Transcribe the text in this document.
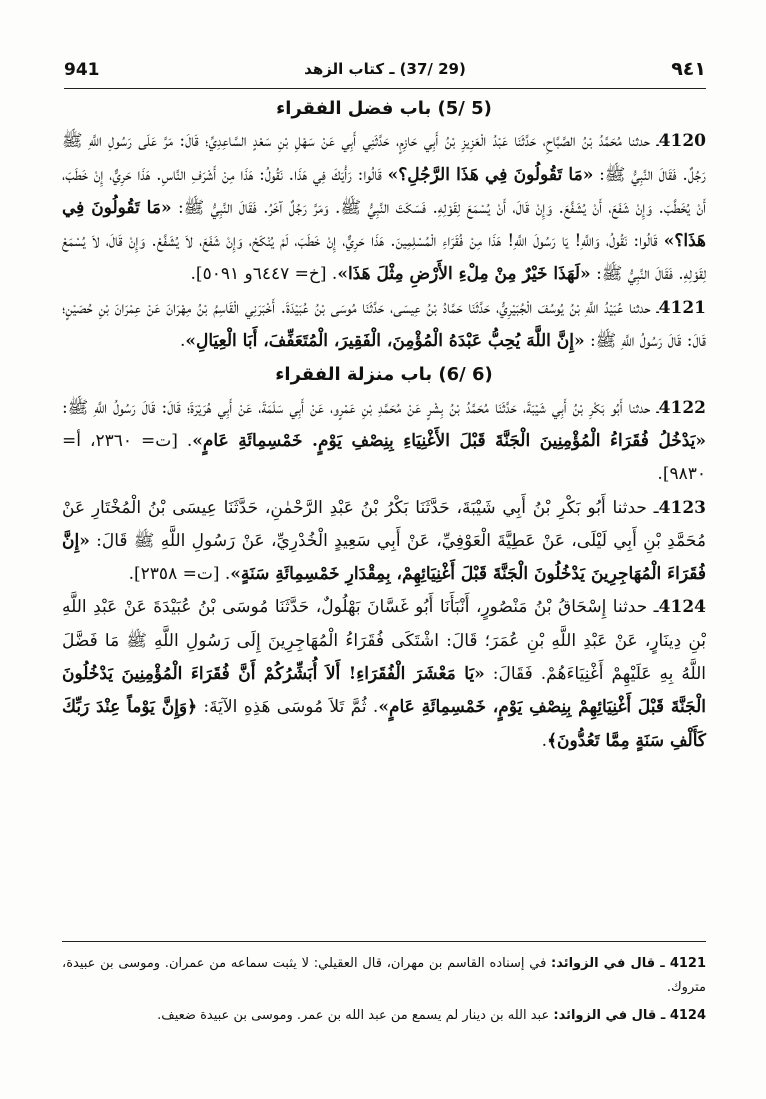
941	(29 /37) ـ كتاب الزهد	٩٤١
(5 /5) باب فضل الفقراء

4120ـ حدثنا مُحَمَّدُ بْنُ الصَّبَّاحِ، حَدَّثَنَا عَبْدُ الْعَزِيزِ بْنُ أَبِي حَازِمٍ، حَدَّثَنِي أَبِي عَنْ سَهْلِ بْنِ سَعْدٍ السَّاعِدِيِّ؛ قَالَ: مَرَّ عَلَى رَسُولِ اللَّهِ ﷺ رَجُلٌ. فَقَالَ النَّبِيُّ ﷺ: «مَا تَقُولُونَ فِي هَذَا الرَّجُلِ؟» قَالُوا: رَأْيَكَ فِي هَذَا. نَقُولُ: هَذَا مِنْ أَشْرَفِ النَّاسِ. هَذَا حَرِيٌّ، إِنْ خَطَبَ، أَنْ يُخَطَّبَ. وَإِنْ شَفَعَ، أَنْ يُشَفَّعَ. وَإِنْ قَالَ، أَنْ يُسْمَعَ لِقَوْلِهِ. فَسَكَتَ النَّبِيُّ ﷺ. وَمَرَّ رَجُلٌ آخَرُ. فَقَالَ النَّبِيُّ ﷺ: «مَا تَقُولُونَ فِي هَذَا؟» قَالُوا: نَقُولُ، وَاللَّهِ! يَا رَسُولَ اللَّهِ! هَذَا مِنْ فُقَرَاءِ الْمُسْلِمِينَ. هَذَا حَرِيٌّ، إِنْ خَطَبَ، لَمْ يُنْكَحْ، وَإِنْ شَفَعَ، لاَ يُشَفَّعْ. وَإِنْ قَالَ، لاَ يُسْمَعْ لِقَوْلِهِ. فَقَالَ النَّبِيُّ ﷺ: «لَهَذَا خَيْرٌ مِنْ مِلْءِ الأَرْضِ مِثْلَ هَذَا». [خ= ٦٤٤٧و ٥٠٩١].

4121ـ حدثنا عُبَيْدُ اللَّهِ بْنُ يُوسُفَ الْجُبَيْرِيُّ، حَدَّثَنَا حَمَّادُ بْنُ عِيسَى، حَدَّثَنَا مُوسَى بْنُ عُبَيْدَةَ. أَخْبَرَنِي الْقَاسِمُ بْنُ مِهْرَانَ عَنْ عِمْرَانَ بْنِ حُصَيْنٍ؛ قَالَ: قَالَ رَسُولُ اللَّهِ ﷺ: «إِنَّ اللَّهَ يُحِبُّ عَبْدَهُ الْمُؤْمِنَ، الْفَقِيرَ، الْمُتَعَفِّفَ، أَبَا الْعِيَالِ».

(6 /6) باب منزلة الفقراء

4122ـ حدثنا أَبُو بَكْرِ بْنُ أَبِي شَيْبَةَ، حَدَّثَنَا مُحَمَّدُ بْنُ بِشْرٍ عَنْ مُحَمَّدِ بْنِ عَمْرٍو، عَنْ أَبِي سَلَمَةَ، عَنْ أَبِي هُرَيْرَةَ؛ قَالَ: قَالَ رَسُولُ اللَّهِ ﷺ: «يَدْخُلُ فُقَرَاءُ الْمُؤْمِنِينَ الْجَنَّةَ قَبْلَ الأَغْنِيَاءِ بِنِصْفِ يَوْمٍ. خَمْسِمِائَةِ عَامٍ». [ت= ٢٣٦٠، أ= ٩٨٣٠].

4123ـ حدثنا أَبُو بَكْرِ بْنُ أَبِي شَيْبَةَ، حَدَّثَنَا بَكْرُ بْنُ عَبْدِ الرَّحْمٰنِ، حَدَّثَنَا عِيسَى بْنُ الْمُخْتَارِ عَنْ مُحَمَّدِ بْنِ أَبِي لَيْلَى، عَنْ عَطِيَّةَ الْعَوْفِيِّ، عَنْ أَبِي سَعِيدٍ الْخُدْرِيِّ، عَنْ رَسُولِ اللَّهِ ﷺ قَالَ: «إِنَّ فُقَرَاءَ الْمُهَاجِرِينَ يَدْخُلُونَ الْجَنَّةَ قَبْلَ أَغْنِيَائِهِمْ، بِمِقْدَارِ خَمْسِمِائَةِ سَنَةٍ». [ت= ٢٣٥٨].

4124ـ حدثنا إِسْحَاقُ بْنُ مَنْصُورٍ، أَنْبَأَنَا أَبُو غَسَّانَ بَهْلُولٌ، حَدَّثَنَا مُوسَى بْنُ عُبَيْدَةَ عَنْ عَبْدِ اللَّهِ بْنِ دِينَارٍ، عَنْ عَبْدِ اللَّهِ بْنِ عُمَرَ؛ قَالَ: اشْتَكَى فُقَرَاءُ الْمُهَاجِرِينَ إِلَى رَسُولِ اللَّهِ ﷺ مَا فَضَّلَ اللَّهُ بِهِ عَلَيْهِمْ أَغْنِيَاءَهُمْ. فَقَالَ: «يَا مَعْشَرَ الْفُقَرَاءِ! أَلاَ أُبَشِّرُكُمْ أَنَّ فُقَرَاءَ الْمُؤْمِنِينَ يَدْخُلُونَ الْجَنَّةَ قَبْلَ أَغْنِيَائِهِمْ بِنِصْفِ يَوْمٍ، خَمْسِمِائَةِ عَامٍ». ثُمَّ تَلاَ مُوسَى هَذِهِ الآيَةَ: ﴿وَإِنَّ يَوْماً عِنْدَ رَبِّكَ كَأَلْفِ سَنَةٍ مِمَّا تَعُدُّونَ﴾.

4121 ـ قال في الزوائد: في إسناده القاسم بن مهران، قال العقيلي: لا يثبت سماعه من عمران. وموسى بن عبيدة، متروك.

4124 ـ قال في الزوائد: عبد الله بن دينار لم يسمع من عبد الله بن عمر. وموسى بن عبيدة ضعيف.
